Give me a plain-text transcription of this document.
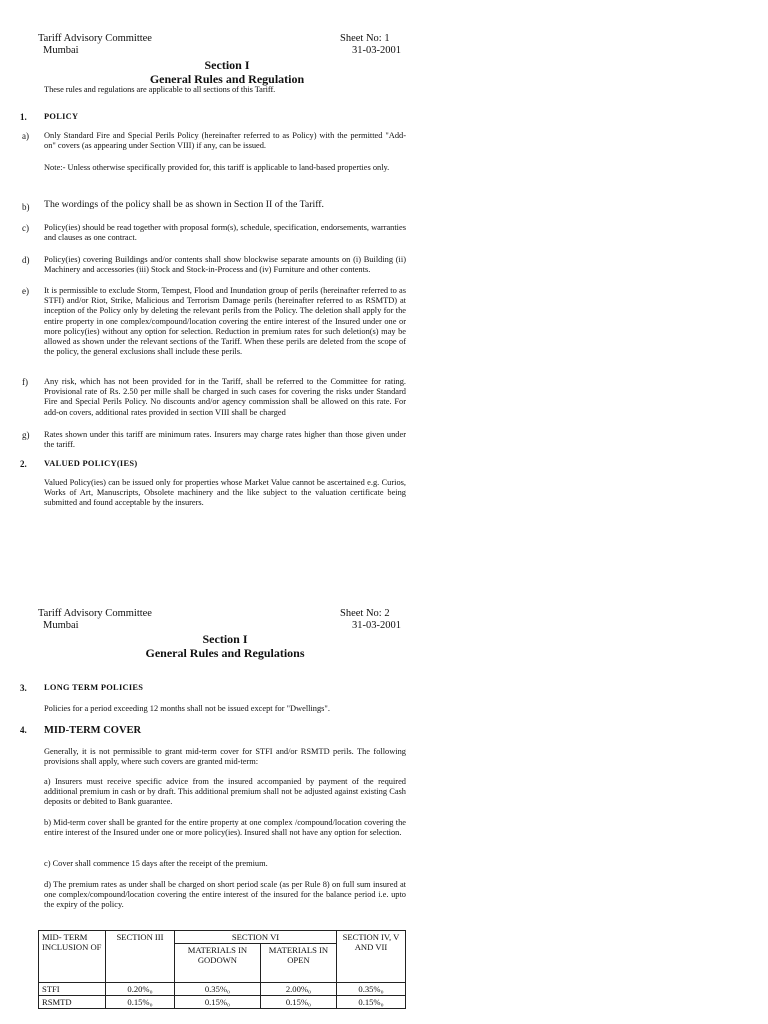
Tariff Advisory Committee
Mumbai
Sheet No: 1
31-03-2001
Section I
General Rules and Regulation
These rules and regulations are applicable to all sections of this Tariff.
1. POLICY
a) Only Standard Fire and Special Perils Policy (hereinafter referred to as Policy) with the permitted "Add- on" covers (as appearing under Section VIII) if any, can be issued.
Note:- Unless otherwise specifically provided for, this tariff is applicable to land-based properties only.
b) The wordings of the policy shall be as shown in Section II of the Tariff.
c) Policy(ies) should be read together with proposal form(s), schedule, specification, endorsements, warranties and clauses as one contract.
d) Policy(ies) covering Buildings and/or contents shall show blockwise separate amounts on (i) Building (ii) Machinery and accessories (iii) Stock and Stock-in-Process and (iv) Furniture and other contents.
e) It is permissible to exclude Storm, Tempest, Flood and Inundation group of perils (hereinafter referred to as STFI) and/or Riot, Strike, Malicious and Terrorism Damage perils (hereinafter referred to as RSMTD) at inception of the Policy only by deleting the relevant perils from the Policy. The deletion shall apply for the entire property in one complex/compound/location covering the entire interest of the Insured under one or more policy(ies) without any option for selection. Reduction in premium rates for such deletion(s) may be allowed as shown under the relevant sections of the Tariff. When these perils are deleted from the scope of the policy, the general exclusions shall include these perils.
f) Any risk, which has not been provided for in the Tariff, shall be referred to the Committee for rating. Provisional rate of Rs. 2.50 per mille shall be charged in such cases for covering the risks under Standard Fire and Special Perils Policy. No discounts and/or agency commission shall be allowed on this rate. For add-on covers, additional rates provided in section VIII shall be charged
g) Rates shown under this tariff are minimum rates. Insurers may charge rates higher than those given under the tariff.
2. VALUED POLICY(IES)
Valued Policy(ies) can be issued only for properties whose Market Value cannot be ascertained e.g. Curios, Works of Art, Manuscripts, Obsolete machinery and the like subject to the valuation certificate being submitted and found acceptable by the insurers.
Tariff Advisory Committee
Mumbai
Sheet No: 2
31-03-2001
Section I
General Rules and Regulations
3. LONG TERM POLICIES
Policies for a period exceeding 12 months shall not be issued except for "Dwellings".
4. MID-TERM COVER
Generally, it is not permissible to grant mid-term cover for STFI and/or RSMTD perils. The following provisions shall apply, where such covers are granted mid-term:
a) Insurers must receive specific advice from the insured accompanied by payment of the required additional premium in cash or by draft. This additional premium shall not be adjusted against existing Cash deposits or debited to Bank guarantee.
b) Mid-term cover shall be granted for the entire property at one complex /compound/location covering the entire interest of the Insured under one or more policy(ies). Insured shall not have any option for selection.
c) Cover shall commence 15 days after the receipt of the premium.
d) The premium rates as under shall be charged on short period scale (as per Rule 8) on full sum insured at one complex/compound/location covering the entire interest of the insured for the balance period i.e. upto the expiry of the policy.
MID- TERM INCLUSION OF	SECTION III	SECTION VI		SECTION IV, V AND VII
		MATERIALS IN GODOWN	MATERIALS IN OPEN	
STFI	0.20%₀	0.35%₀	2.00%₀	0.35%₀
RSMTD	0.15%₀	0.15%₀	0.15%₀	0.15%₀
